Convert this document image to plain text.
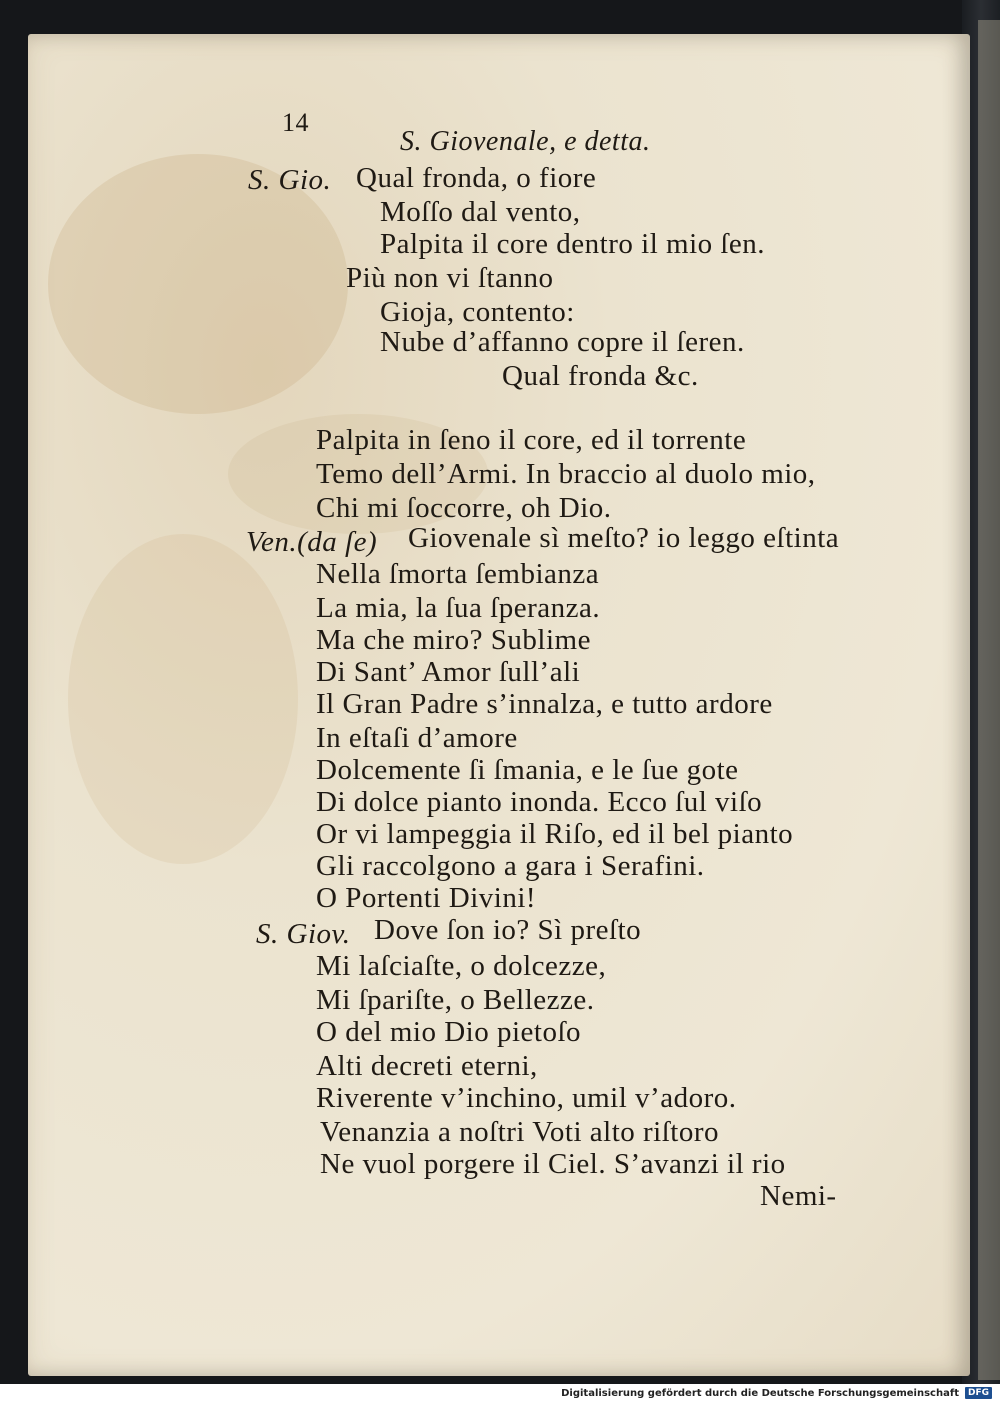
14

S. Giovenale, e detta.

S. Gio. Qual fronda, o fiore

Moſſo dal vento,

Palpita il core dentro il mio ſen.

Più non vi ſtanno

Gioja, contento:

Nube d’affanno copre il ſeren.

Qual fronda &c.

Palpita in ſeno il core, ed il torrente

Temo dell’Armi. In braccio al duolo mio,

Chi mi ſoccorre, oh Dio.

Ven.(da ſe) Giovenale sì meſto? io leggo eſtinta

Nella ſmorta ſembianza

La mia, la ſua ſperanza.

Ma che miro? Sublime

Di Sant’ Amor ſull’ali

Il Gran Padre s’innalza, e tutto ardore

In eſtaſi d’amore

Dolcemente ſi ſmania, e le ſue gote

Di dolce pianto inonda. Ecco ſul viſo

Or vi lampeggia il Riſo, ed il bel pianto

Gli raccolgono a gara i Serafini.

O Portenti Divini!

S. Giov. Dove ſon io? Sì preſto

Mi laſciaſte, o dolcezze,

Mi ſpariſte, o Bellezze.

O del mio Dio pietoſo

Alti decreti eterni,

Riverente v’inchino, umil v’adoro.

Venanzia a noſtri Voti alto riſtoro

Ne vuol porgere il Ciel. S’avanzi il rio

Nemi-

Digitalisierung gefördert durch die Deutsche Forschungsgemeinschaft	DFG
